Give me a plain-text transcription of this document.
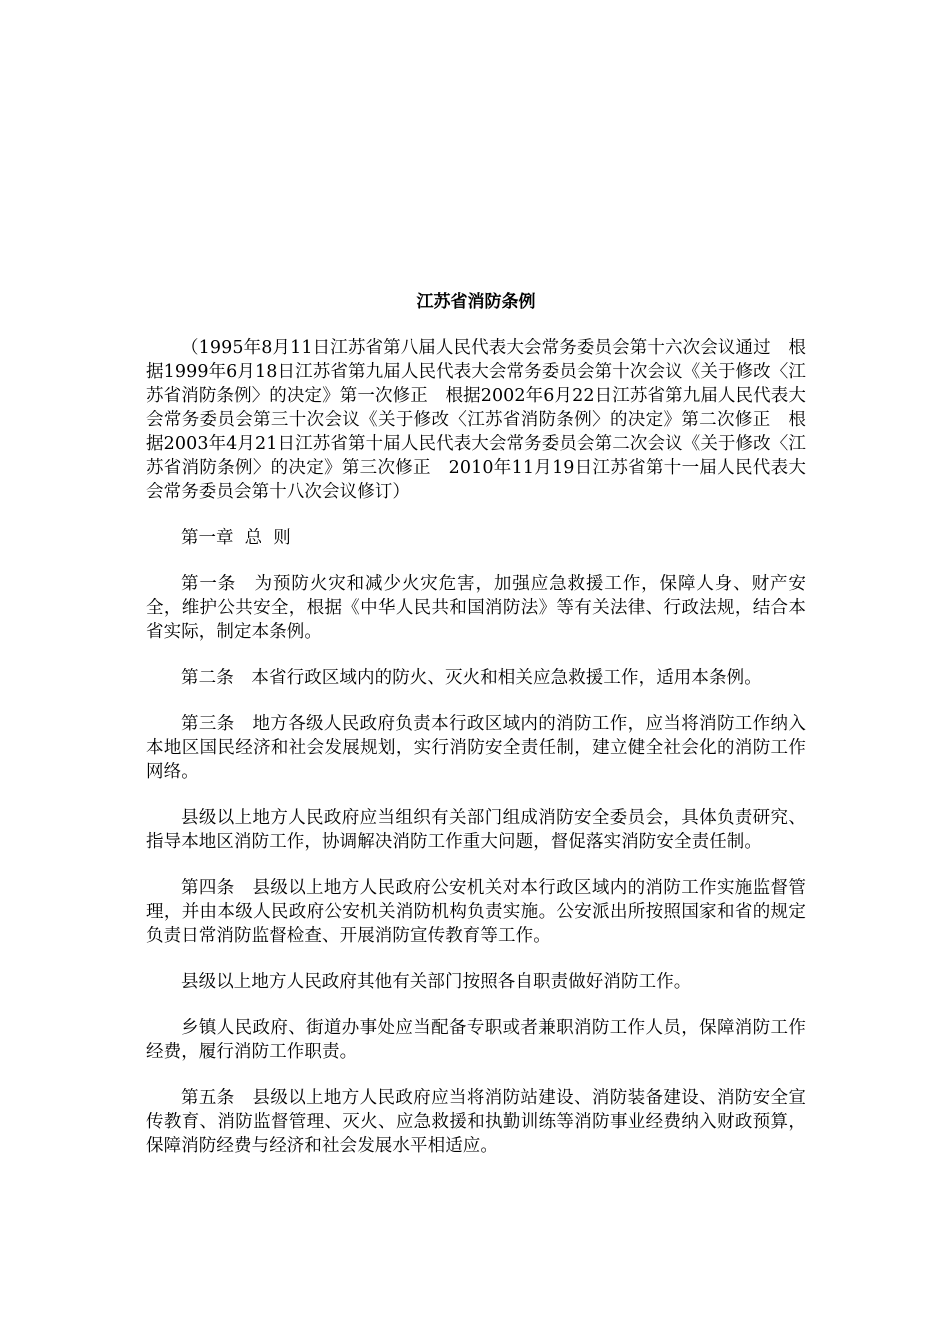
江苏省消防条例

（1995年8月11日江苏省第八届人民代表大会常务委员会第十六次会议通过　根据1999年6月18日江苏省第九届人民代表大会常务委员会第十次会议《关于修改〈江苏省消防条例〉的决定》第一次修正　根据2002年6月22日江苏省第九届人民代表大会常务委员会第三十次会议《关于修改〈江苏省消防条例〉的决定》第二次修正　根据2003年4月21日江苏省第十届人民代表大会常务委员会第二次会议《关于修改〈江苏省消防条例〉的决定》第三次修正　2010年11月19日江苏省第十一届人民代表大会常务委员会第十八次会议修订）

第一章  总  则

第一条　为预防火灾和减少火灾危害，加强应急救援工作，保障人身、财产安全，维护公共安全，根据《中华人民共和国消防法》等有关法律、行政法规，结合本省实际，制定本条例。

第二条　本省行政区域内的防火、灭火和相关应急救援工作，适用本条例。

第三条　地方各级人民政府负责本行政区域内的消防工作，应当将消防工作纳入本地区国民经济和社会发展规划，实行消防安全责任制，建立健全社会化的消防工作网络。

县级以上地方人民政府应当组织有关部门组成消防安全委员会，具体负责研究、指导本地区消防工作，协调解决消防工作重大问题，督促落实消防安全责任制。

第四条　县级以上地方人民政府公安机关对本行政区域内的消防工作实施监督管理，并由本级人民政府公安机关消防机构负责实施。公安派出所按照国家和省的规定负责日常消防监督检查、开展消防宣传教育等工作。

县级以上地方人民政府其他有关部门按照各自职责做好消防工作。

乡镇人民政府、街道办事处应当配备专职或者兼职消防工作人员，保障消防工作经费，履行消防工作职责。

第五条　县级以上地方人民政府应当将消防站建设、消防装备建设、消防安全宣传教育、消防监督管理、灭火、应急救援和执勤训练等消防事业经费纳入财政预算，保障消防经费与经济和社会发展水平相适应。
